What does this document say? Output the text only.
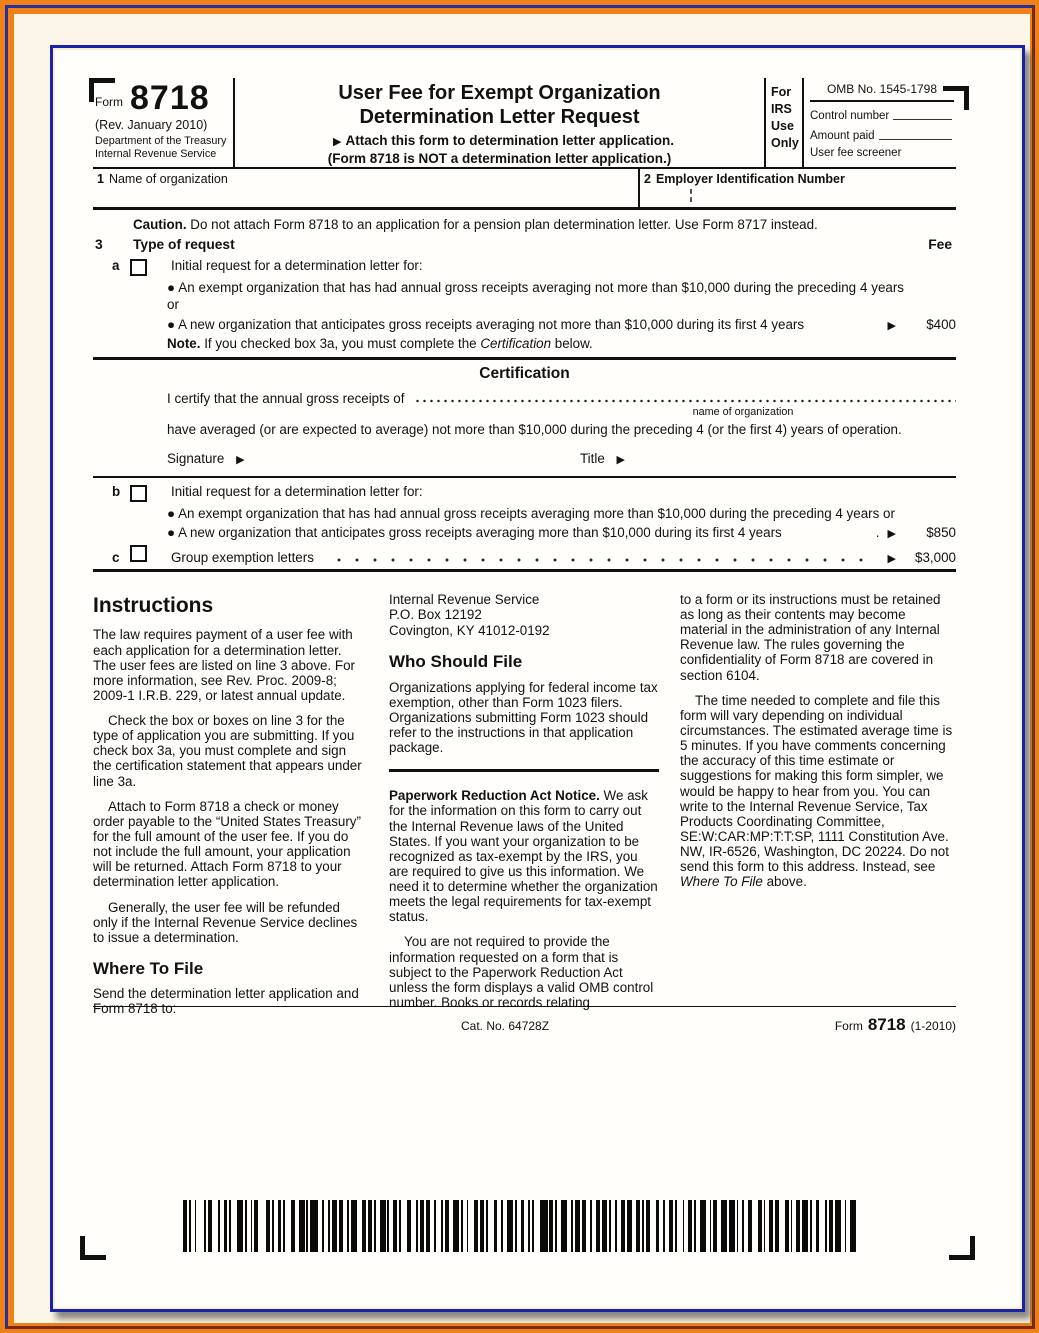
Form 8718
(Rev. January 2010)
Department of the Treasury
Internal Revenue Service
User Fee for Exempt Organization
Determination Letter Request
▶ Attach this form to determination letter application.
(Form 8718 is NOT a determination letter application.)
For
IRS
Use
Only
OMB No. 1545-1798
Control number
Amount paid
User fee screener
1 Name of organization	2 Employer Identification Number
Caution. Do not attach Form 8718 to an application for a pension plan determination letter. Use Form 8717 instead.
3	Type of request	Fee
a	Initial request for a determination letter for:
● An exempt organization that has had annual gross receipts averaging not more than $10,000 during the preceding 4 years or
● A new organization that anticipates gross receipts averaging not more than $10,000 during its first 4 years	▶	$400
Note. If you checked box 3a, you must complete the Certification below.
Certification
I certify that the annual gross receipts of
name of organization
have averaged (or are expected to average) not more than $10,000 during the preceding 4 (or the first 4) years of operation.
Signature ▶	Title ▶
b	Initial request for a determination letter for:
● An exempt organization that has had annual gross receipts averaging more than $10,000 during the preceding 4 years or
● A new organization that anticipates gross receipts averaging more than $10,000 during its first 4 years	. ▶	$850
c	Group exemption letters	▶	$3,000
Instructions

The law requires payment of a user fee with each application for a determination letter. The user fees are listed on line 3 above. For more information, see Rev. Proc. 2009-8; 2009-1 I.R.B. 229, or latest annual update.

Check the box or boxes on line 3 for the type of application you are submitting. If you check box 3a, you must complete and sign the certification statement that appears under line 3a.

Attach to Form 8718 a check or money order payable to the “United States Treasury” for the full amount of the user fee. If you do not include the full amount, your application will be returned. Attach Form 8718 to your determination letter application.

Generally, the user fee will be refunded only if the Internal Revenue Service declines to issue a determination.

Where To File

Send the determination letter application and Form 8718 to:

Internal Revenue Service
P.O. Box 12192
Covington, KY 41012-0192
Who Should File

Organizations applying for federal income tax exemption, other than Form 1023 filers. Organizations submitting Form 1023 should refer to the instructions in that application package.

Paperwork Reduction Act Notice. We ask for the information on this form to carry out the Internal Revenue laws of the United States. If you want your organization to be recognized as tax-exempt by the IRS, you are required to give us this information. We need it to determine whether the organization meets the legal requirements for tax-exempt status.

You are not required to provide the information requested on a form that is subject to the Paperwork Reduction Act unless the form displays a valid OMB control number. Books or records relating

to a form or its instructions must be retained as long as their contents may become material in the administration of any Internal Revenue law. The rules governing the confidentiality of Form 8718 are covered in section 6104.

The time needed to complete and file this form will vary depending on individual circumstances. The estimated average time is 5 minutes. If you have comments concerning the accuracy of this time estimate or suggestions for making this form simpler, we would be happy to hear from you. You can write to the Internal Revenue Service, Tax Products Coordinating Committee, SE:W:CAR:MP:T:T:SP, 1111 Constitution Ave. NW, IR-6526, Washington, DC 20224. Do not send this form to this address. Instead, see Where To File above.

Cat. No. 64728Z	Form 8718 (1-2010)
